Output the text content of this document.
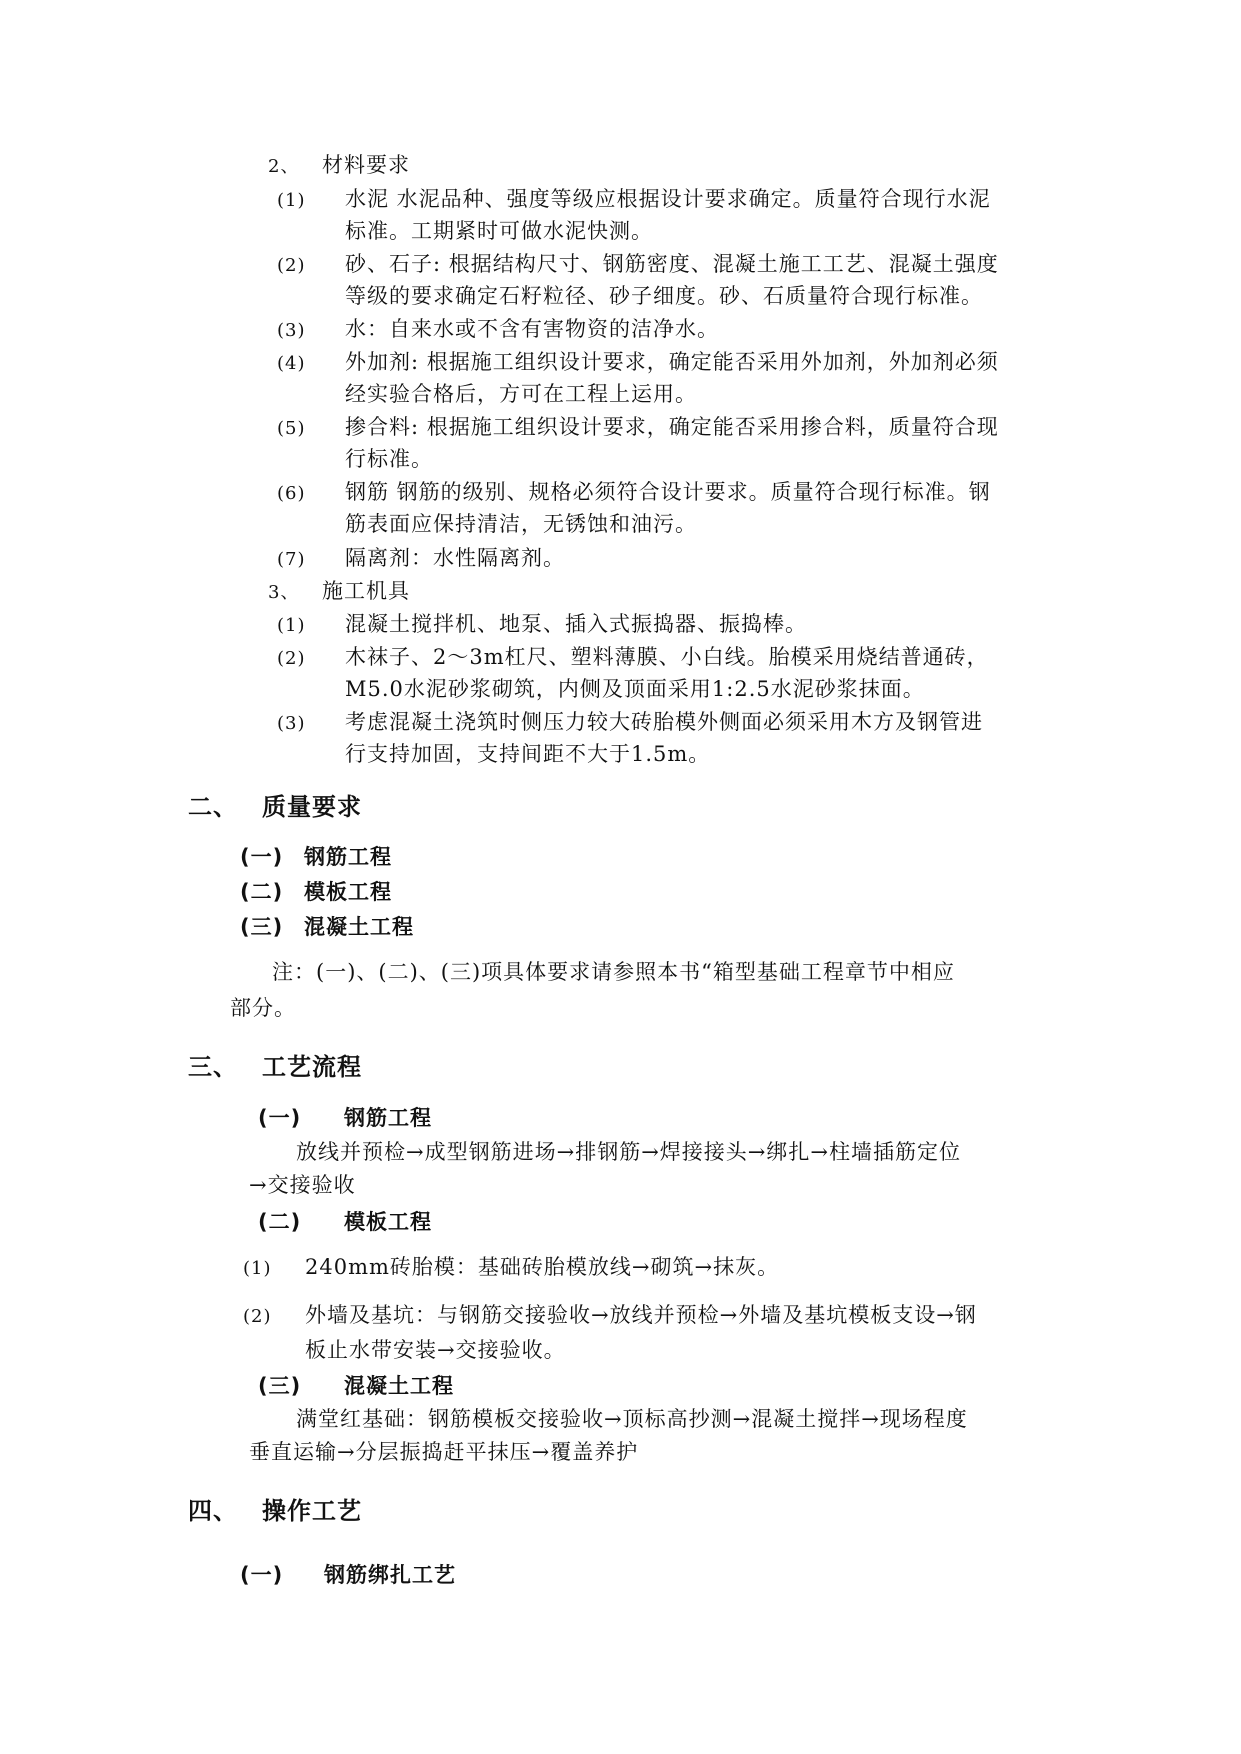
2、 材料要求
(1) 水泥 水泥品种、强度等级应根据设计要求确定。质量符合现行水泥
标准。工期紧时可做水泥快测。
(2) 砂、石子: 根据结构尺寸、钢筋密度、混凝土施工工艺、混凝土强度
等级的要求确定石籽粒径、砂子细度。砂、石质量符合现行标准。
(3) 水：自来水或不含有害物资的洁净水。
(4) 外加剂: 根据施工组织设计要求，确定能否采用外加剂，外加剂必须
经实验合格后，方可在工程上运用。
(5) 掺合料: 根据施工组织设计要求，确定能否采用掺合料，质量符合现
行标准。
(6) 钢筋 钢筋的级别、规格必须符合设计要求。质量符合现行标准。钢
筋表面应保持清洁，无锈蚀和油污。
(7) 隔离剂：水性隔离剂。
3、 施工机具
(1) 混凝土搅拌机、地泵、插入式振捣器、振捣棒。
(2) 木袜子、2～3m杠尺、塑料薄膜、小白线。胎模采用烧结普通砖，
M5.0水泥砂浆砌筑，内侧及顶面采用1:2.5水泥砂浆抹面。
(3) 考虑混凝土浇筑时侧压力较大砖胎模外侧面必须采用木方及钢管进
行支持加固，支持间距不大于1.5m。
二、 质量要求
(一) 钢筋工程
(二) 模板工程
(三) 混凝土工程
注：(一)、(二)、(三)项具体要求请参照本书“箱型基础工程章节中相应
部分。
三、 工艺流程
(一) 钢筋工程
放线并预检→成型钢筋进场→排钢筋→焊接接头→绑扎→柱墙插筋定位
→交接验收
(二) 模板工程
(1) 240mm砖胎模：基础砖胎模放线→砌筑→抹灰。
(2) 外墙及基坑：与钢筋交接验收→放线并预检→外墙及基坑模板支设→钢
板止水带安装→交接验收。
(三) 混凝土工程
满堂红基础：钢筋模板交接验收→顶标高抄测→混凝土搅拌→现场程度
垂直运输→分层振捣赶平抹压→覆盖养护
四、 操作工艺
(一) 钢筋绑扎工艺
